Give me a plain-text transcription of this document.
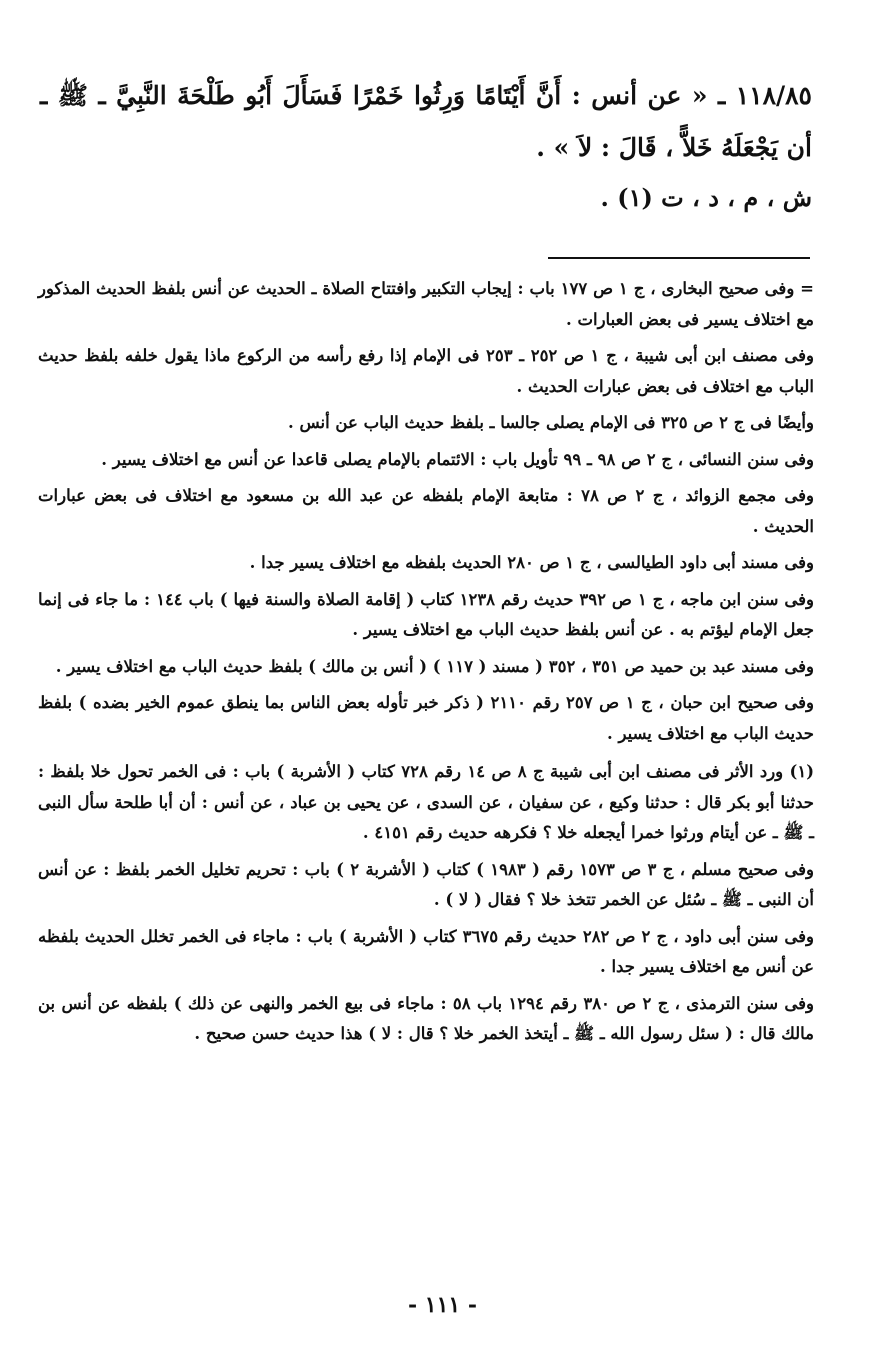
١١٨/٨٥ ـ « عن أنس : أَنَّ أَيْتَامًا وَرِثُوا خَمْرًا فَسَأَلَ أَبُو طَلْحَةَ النَّبِيَّ ـ ﷺ ـ أن يَجْعَلَهُ خَلاًّ ، قَالَ : لاَ » .
ش ، م ، د ، ت (١) .

= وفى صحيح البخارى ، ج ١ ص ١٧٧ باب : إيجاب التكبير وافتتاح الصلاة ـ الحديث عن أنس بلفظ الحديث المذكور مع اختلاف يسير فى بعض العبارات .

وفى مصنف ابن أبى شيبة ، ج ١ ص ٢٥٢ ـ ٢٥٣ فى الإمام إذا رفع رأسه من الركوع ماذا يقول خلفه بلفظ حديث الباب مع اختلاف فى بعض عبارات الحديث .

وأيضًا فى ج ٢ ص ٣٢٥ فى الإمام يصلى جالسا ـ بلفظ حديث الباب عن أنس .

وفى سنن النسائى ، ج ٢ ص ٩٨ ـ ٩٩ تأويل باب : الائتمام بالإمام يصلى قاعدا عن أنس مع اختلاف يسير .

وفى مجمع الزوائد ، ج ٢ ص ٧٨ : متابعة الإمام بلفظه عن عبد الله بن مسعود مع اختلاف فى بعض عبارات الحديث .

وفى مسند أبى داود الطيالسى ، ج ١ ص ٢٨٠ الحديث بلفظه مع اختلاف يسير جدا .

وفى سنن ابن ماجه ، ج ١ ص ٣٩٢ حديث رقم ١٢٣٨ كتاب ( إقامة الصلاة والسنة فيها ) باب ١٤٤ : ما جاء فى إنما جعل الإمام ليؤتم به . عن أنس بلفظ حديث الباب مع اختلاف يسير .

وفى مسند عبد بن حميد ص ٣٥١ ، ٣٥٢ ( مسند ( ١١٧ ) ( أنس بن مالك ) بلفظ حديث الباب مع اختلاف يسير .

وفى صحيح ابن حبان ، ج ١ ص ٢٥٧ رقم ٢١١٠ ( ذكر خبر تأوله بعض الناس بما ينطق عموم الخير بضده ) بلفظ حديث الباب مع اختلاف يسير .

(١) ورد الأثر فى مصنف ابن أبى شيبة ج ٨ ص ١٤ رقم ٧٢٨ كتاب ( الأشربة ) باب : فى الخمر تحول خلا بلفظ : حدثنا أبو بكر قال : حدثنا وكيع ، عن سفيان ، عن السدى ، عن يحيى بن عباد ، عن أنس : أن أبا طلحة سأل النبى ـ ﷺ ـ عن أيتام ورثوا خمرا أيجعله خلا ؟ فكرهه حديث رقم ٤١٥١ .

وفى صحيح مسلم ، ج ٣ ص ١٥٧٣ رقم ( ١٩٨٣ ) كتاب ( الأشربة ٢ ) باب : تحريم تخليل الخمر بلفظ : عن أنس أن النبى ـ ﷺ ـ سُئل عن الخمر تتخذ خلا ؟ فقال ( لا ) .

وفى سنن أبى داود ، ج ٢ ص ٢٨٢ حديث رقم ٣٦٧٥ كتاب ( الأشربة ) باب : ماجاء فى الخمر تخلل الحديث بلفظه عن أنس مع اختلاف يسير جدا .

وفى سنن الترمذى ، ج ٢ ص ٣٨٠ رقم ١٢٩٤ باب ٥٨ : ماجاء فى بيع الخمر والنهى عن ذلك ) بلفظه عن أنس بن مالك قال : ( سئل رسول الله ـ ﷺ ـ أيتخذ الخمر خلا ؟ قال : لا ) هذا حديث حسن صحيح .

- ١١١ -
